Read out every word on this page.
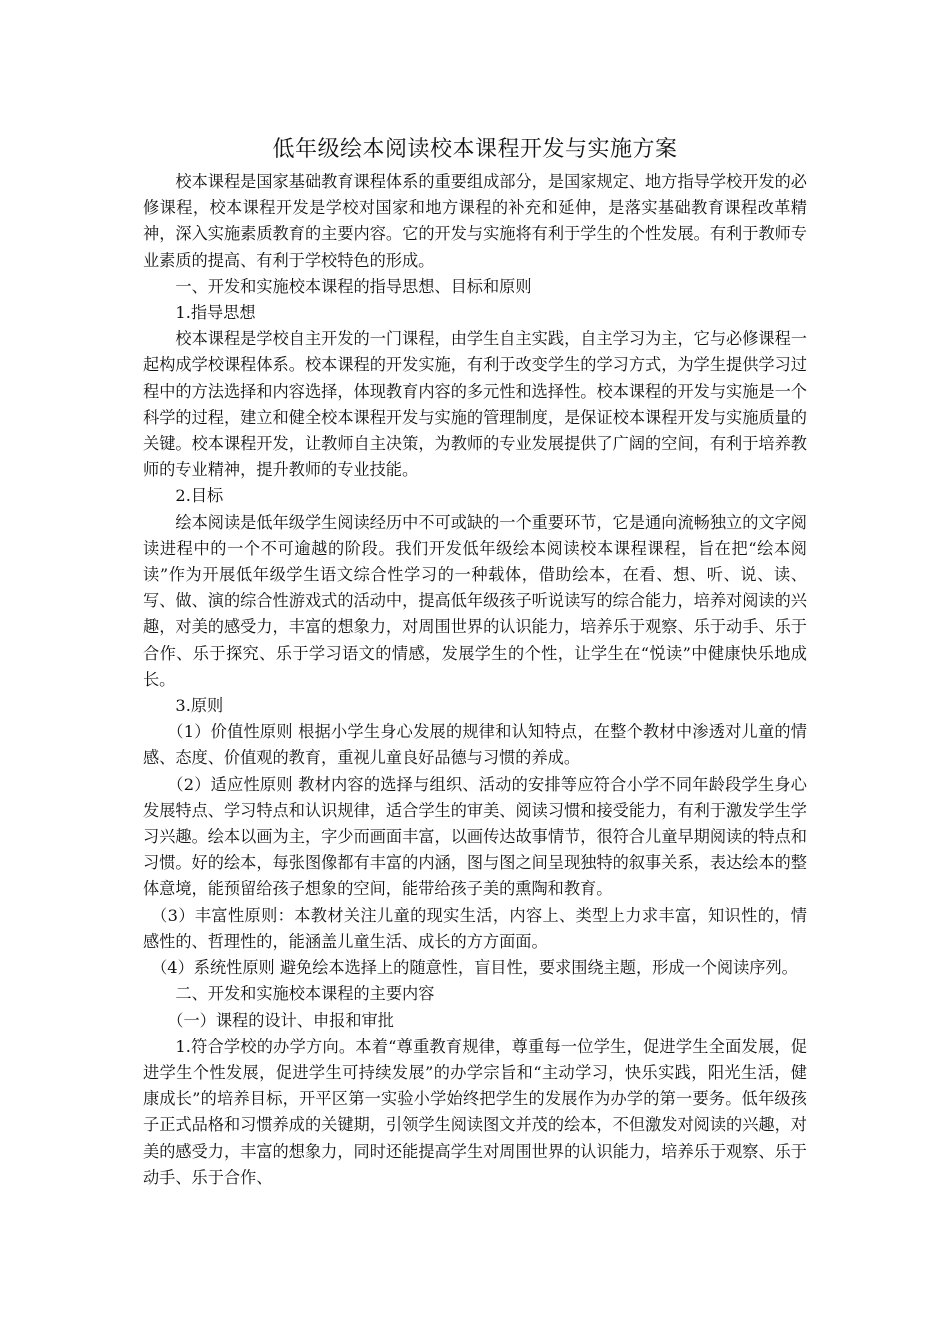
低年级绘本阅读校本课程开发与实施方案

校本课程是国家基础教育课程体系的重要组成部分，是国家规定、地方指导学校开发的必修课程，校本课程开发是学校对国家和地方课程的补充和延伸，是落实基础教育课程改革精神，深入实施素质教育的主要内容。它的开发与实施将有利于学生的个性发展。有利于教师专业素质的提高、有利于学校特色的形成。

一、开发和实施校本课程的指导思想、目标和原则

1.指导思想

校本课程是学校自主开发的一门课程，由学生自主实践，自主学习为主，它与必修课程一起构成学校课程体系。校本课程的开发实施，有利于改变学生的学习方式，为学生提供学习过程中的方法选择和内容选择，体现教育内容的多元性和选择性。校本课程的开发与实施是一个科学的过程，建立和健全校本课程开发与实施的管理制度，是保证校本课程开发与实施质量的关键。校本课程开发，让教师自主决策，为教师的专业发展提供了广阔的空间，有利于培养教师的专业精神，提升教师的专业技能。

2.目标

绘本阅读是低年级学生阅读经历中不可或缺的一个重要环节，它是通向流畅独立的文字阅读进程中的一个不可逾越的阶段。我们开发低年级绘本阅读校本课程课程，旨在把“绘本阅读”作为开展低年级学生语文综合性学习的一种载体，借助绘本，在看、想、听、说、读、写、做、演的综合性游戏式的活动中，提高低年级孩子听说读写的综合能力，培养对阅读的兴趣，对美的感受力，丰富的想象力，对周围世界的认识能力，培养乐于观察、乐于动手、乐于合作、乐于探究、乐于学习语文的情感，发展学生的个性，让学生在“悦读”中健康快乐地成长。

3.原则

（1）价值性原则 根据小学生身心发展的规律和认知特点，在整个教材中渗透对儿童的情感、态度、价值观的教育，重视儿童良好品德与习惯的养成。

（2）适应性原则 教材内容的选择与组织、活动的安排等应符合小学不同年龄段学生身心发展特点、学习特点和认识规律，适合学生的审美、阅读习惯和接受能力，有利于激发学生学习兴趣。绘本以画为主，字少而画面丰富，以画传达故事情节，很符合儿童早期阅读的特点和习惯。好的绘本，每张图像都有丰富的内涵，图与图之间呈现独特的叙事关系，表达绘本的整体意境，能预留给孩子想象的空间，能带给孩子美的熏陶和教育。

（3）丰富性原则：本教材关注儿童的现实生活，内容上、类型上力求丰富，知识性的，情感性的、哲理性的，能涵盖儿童生活、成长的方方面面。

（4）系统性原则 避免绘本选择上的随意性，盲目性，要求围绕主题，形成一个阅读序列。

二、开发和实施校本课程的主要内容

（一）课程的设计、申报和审批

1.符合学校的办学方向。本着“尊重教育规律，尊重每一位学生，促进学生全面发展，促进学生个性发展，促进学生可持续发展”的办学宗旨和“主动学习，快乐实践，阳光生活，健康成长”的培养目标，开平区第一实验小学始终把学生的发展作为办学的第一要务。低年级孩子正式品格和习惯养成的关键期，引领学生阅读图文并茂的绘本，不但激发对阅读的兴趣，对美的感受力，丰富的想象力，同时还能提高学生对周围世界的认识能力，培养乐于观察、乐于动手、乐于合作、
